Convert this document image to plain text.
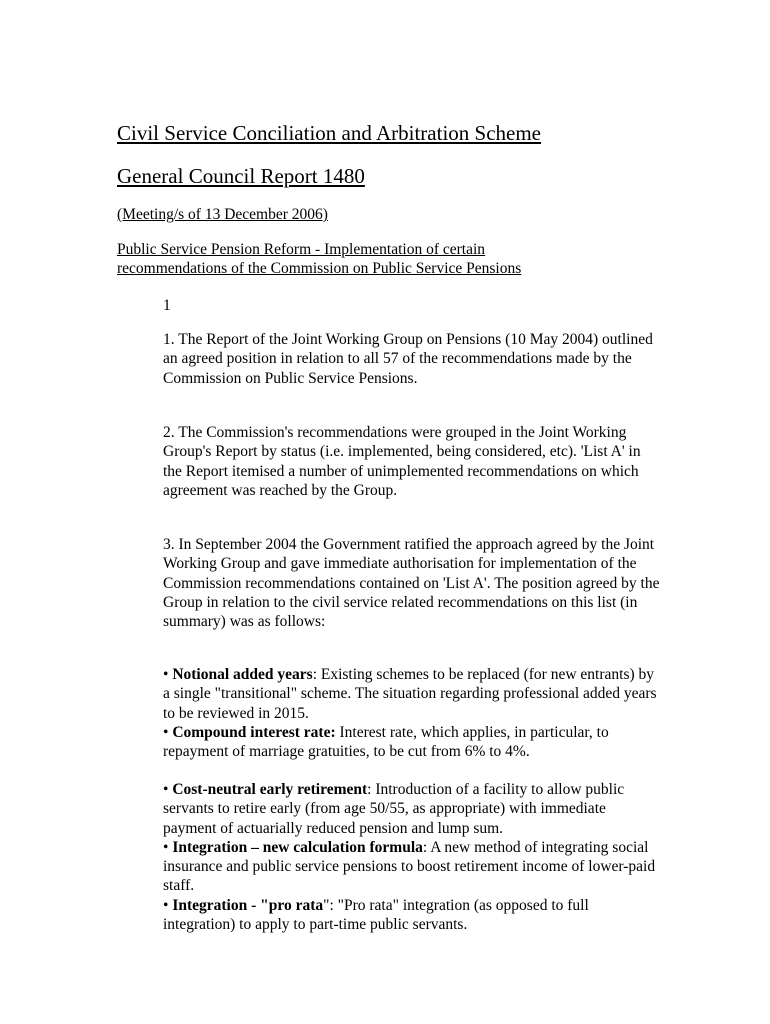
Civil Service Conciliation and Arbitration Scheme
General Council Report 1480
(Meeting/s of 13 December 2006)
Public Service Pension Reform - Implementation of certain recommendations of the Commission on Public Service Pensions
1

1. The Report of the Joint Working Group on Pensions (10 May 2004) outlined an agreed position in relation to all 57 of the recommendations made by the Commission on Public Service Pensions.

2. The Commission's recommendations were grouped in the Joint Working Group's Report by status (i.e. implemented, being considered, etc). 'List A' in the Report itemised a number of unimplemented recommendations on which agreement was reached by the Group.

3. In September 2004 the Government ratified the approach agreed by the Joint Working Group and gave immediate authorisation for implementation of the Commission recommendations contained on 'List A'. The position agreed by the Group in relation to the civil service related recommendations on this list (in summary) was as follows:

• Notional added years: Existing schemes to be replaced (for new entrants) by a single "transitional" scheme. The situation regarding professional added years to be reviewed in 2015.

• Compound interest rate: Interest rate, which applies, in particular, to repayment of marriage gratuities, to be cut from 6% to 4%.

• Cost-neutral early retirement: Introduction of a facility to allow public servants to retire early (from age 50/55, as appropriate) with immediate payment of actuarially reduced pension and lump sum.

• Integration – new calculation formula: A new method of integrating social insurance and public service pensions to boost retirement income of lower-paid staff.

• Integration - "pro rata": "Pro rata" integration (as opposed to full integration) to apply to part-time public servants.
